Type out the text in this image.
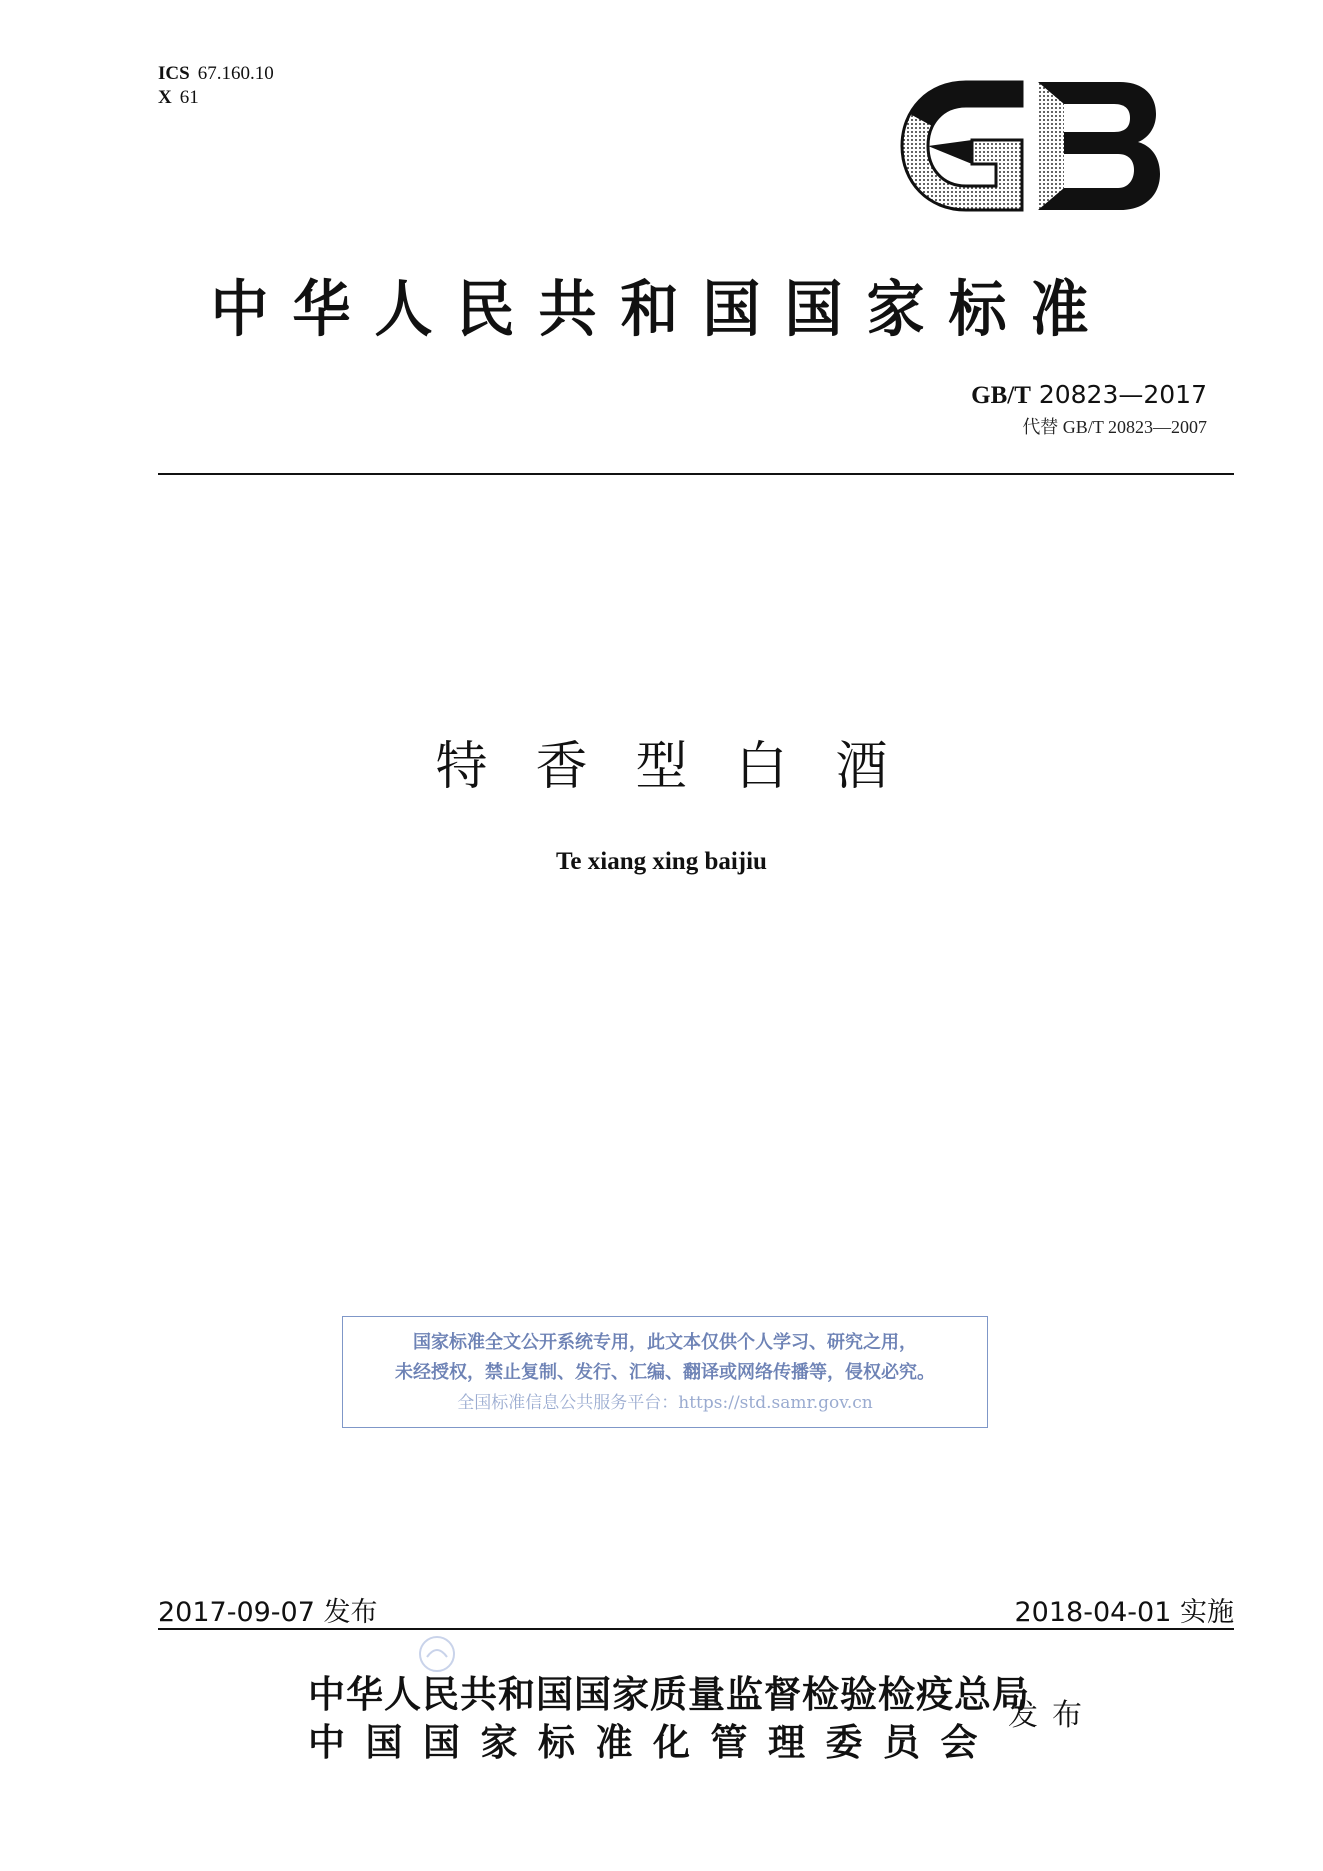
ICS 67.160.10
X 61
中华人民共和国国家标准
GB/T 20823—2017
代替 GB/T 20823—2007
特香型白酒
Te xiang xing baijiu
国家标准全文公开系统专用，此文本仅供个人学习、研究之用，
未经授权，禁止复制、发行、汇编、翻译或网络传播等，侵权必究。
全国标准信息公共服务平台：https://std.samr.gov.cn
2017-09-07 发布	2018-04-01 实施
中华人民共和国国家质量监督检验检疫总局
中国国家标准化管理委员会
发布
